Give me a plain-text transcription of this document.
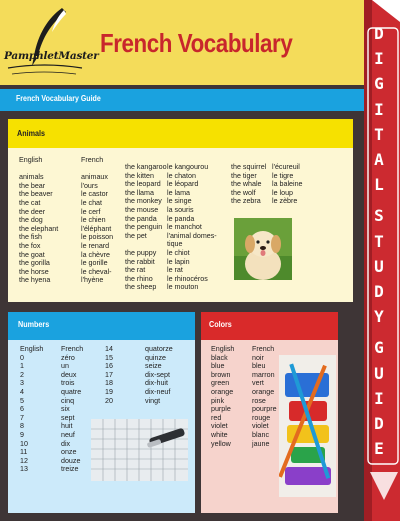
PamphletMaster French Vocabulary
French Vocabulary Guide
Animals
English
animals
the bear
the beaver
the cat
the deer
the dog
the elephant
the fish
the fox
the goat
the gorilla
the horse
the hyena
French
animaux
l'ours
le castor
le chat
le cerf
le chien
l'éléphant
le poisson
le renard
la chèvre
le gorille
le cheval-
l'hyène
the kangaroo
the kitten
the leopard
the llama
the monkey
the mouse
the panda
the penguin
the pet
the puppy
the rabbit
the rat
the rhino
the sheep
le kangourou
le chaton
le léopard
le lama
le singe
la souris
le panda
le manchot
l'animal domes-
tique
le chiot
le lapin
le rat
le rhinocéros
le mouton
the squirrel
the tiger
the whale
the wolf
the zebra
l'écureuil
le tigre
la baleine
le loup
le zèbre
Numbers
English
0
1
2
3
4
5
6
7
8
9
10
11
12
13
French
zéro
un
deux
trois
quatre
cinq
six
sept
huit
neuf
dix
onze
douze
treize
14
15
16
17
18
19
20
quatorze
quinze
seize
dix-sept
dix-huit
dix-neuf
vingt
Colors
English
black
blue
brown
green
orange
pink
purple
red
violet
white
yellow
French
noir
bleu
marron
vert
orange
rose
pourpre
rouge
violet
blanc
jaune
D
I
G
I
T
A
L
S
T
U
D
Y
G
U
I
D
E
